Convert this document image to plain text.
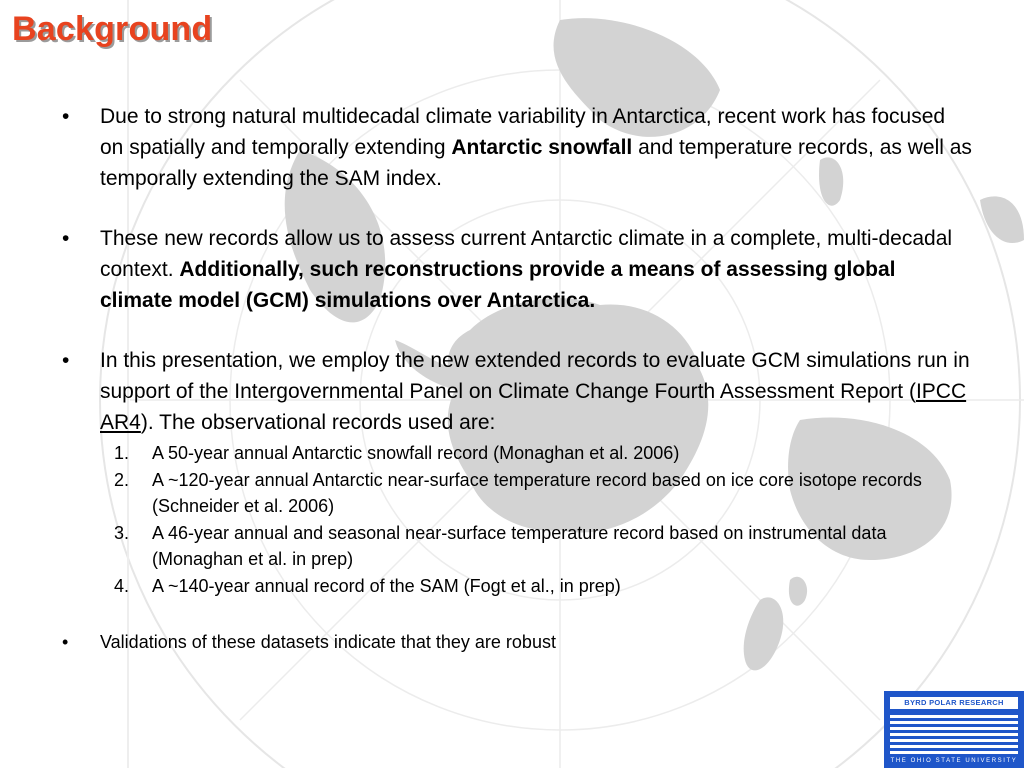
Background
• Due to strong natural multidecadal climate variability in Antarctica, recent work has focused on spatially and temporally extending Antarctic snowfall and temperature records, as well as temporally extending the SAM index.
• These new records allow us to assess current Antarctic climate in a complete, multi-decadal context. Additionally, such reconstructions provide a means of assessing global climate model (GCM) simulations over Antarctica.
• In this presentation, we employ the new extended records to evaluate GCM simulations run in support of the Intergovernmental Panel on Climate Change Fourth Assessment Report (IPCC AR4). The observational records used are:
1. A 50-year annual Antarctic snowfall record (Monaghan et al. 2006)
2. A ~120-year annual Antarctic near-surface temperature record based on ice core isotope records (Schneider et al. 2006)
3. A 46-year annual and seasonal near-surface temperature record based on instrumental data (Monaghan et al. in prep)
4. A ~140-year annual record of the SAM (Fogt et al., in prep)
• Validations of these datasets indicate that they are robust
BYRD POLAR RESEARCH
THE OHIO STATE UNIVERSITY
